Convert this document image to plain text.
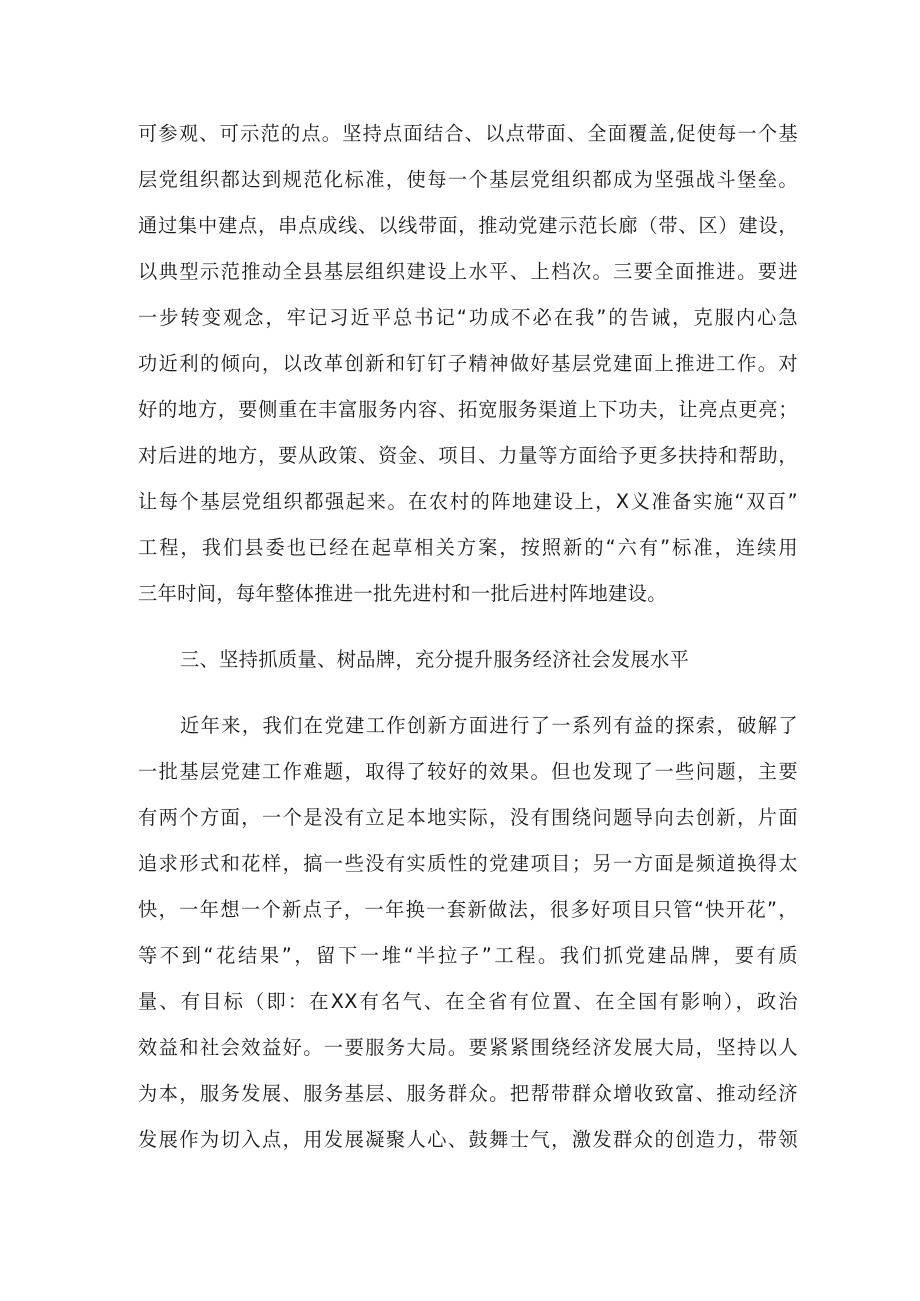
可参观、可示范的点。坚持点面结合、以点带面、全面覆盖,促使每一个基
层党组织都达到规范化标准，使每一个基层党组织都成为坚强战斗堡垒。
通过集中建点，串点成线、以线带面，推动党建示范长廊（带、区）建设，
以典型示范推动全县基层组织建设上水平、上档次。三要全面推进。要进
一步转变观念，牢记习近平总书记“功成不必在我”的告诫，克服内心急
功近利的倾向，以改革创新和钉钉子精神做好基层党建面上推进工作。对
好的地方，要侧重在丰富服务内容、拓宽服务渠道上下功夫，让亮点更亮；
对后进的地方，要从政策、资金、项目、力量等方面给予更多扶持和帮助，
让每个基层党组织都强起来。在农村的阵地建设上，X义准备实施“双百”
工程，我们县委也已经在起草相关方案，按照新的“六有”标准，连续用
三年时间，每年整体推进一批先进村和一批后进村阵地建设。
三、坚持抓质量、树品牌，充分提升服务经济社会发展水平
近年来，我们在党建工作创新方面进行了一系列有益的探索，破解了
一批基层党建工作难题，取得了较好的效果。但也发现了一些问题，主要
有两个方面，一个是没有立足本地实际，没有围绕问题导向去创新，片面
追求形式和花样，搞一些没有实质性的党建项目；另一方面是频道换得太
快，一年想一个新点子，一年换一套新做法，很多好项目只管“快开花”，
等不到“花结果”，留下一堆“半拉子”工程。我们抓党建品牌，要有质
量、有目标（即：在XX有名气、在全省有位置、在全国有影响），政治
效益和社会效益好。一要服务大局。要紧紧围绕经济发展大局，坚持以人
为本，服务发展、服务基层、服务群众。把帮带群众增收致富、推动经济
发展作为切入点，用发展凝聚人心、鼓舞士气，激发群众的创造力，带领
